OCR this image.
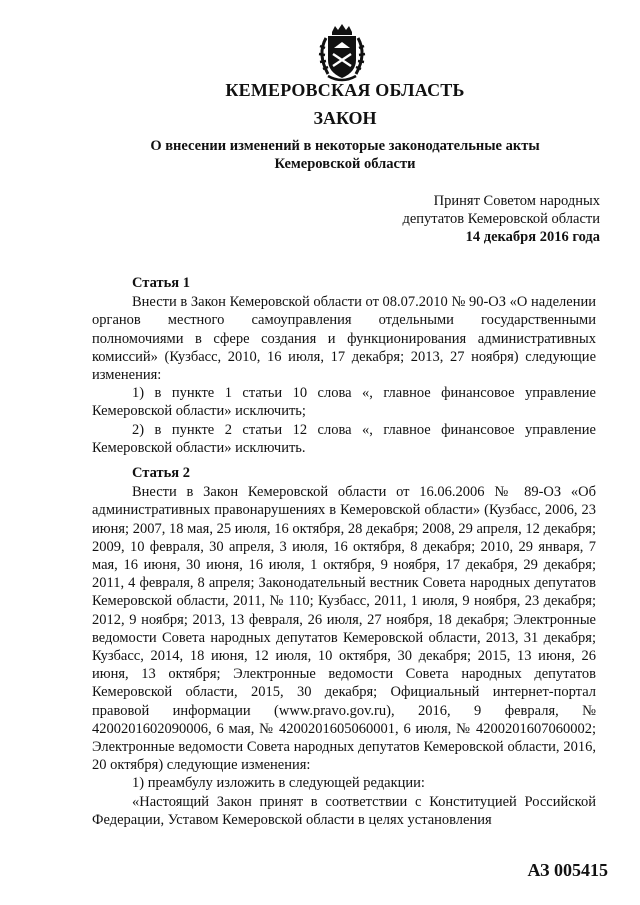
КЕМЕРОВСКАЯ ОБЛАСТЬ
ЗАКОН
О внесении изменений в некоторые законодательные акты
Кемеровской области
Принят Советом народных
депутатов Кемеровской области
14 декабря 2016 года
Статья 1

Внести в Закон Кемеровской области от 08.07.2010 № 90-ОЗ «О наделении органов местного самоуправления отдельными государственными полномочиями в сфере создания и функционирования административных комиссий» (Кузбасс, 2010, 16 июля, 17 декабря; 2013, 27 ноября) следующие изменения:

1) в пункте 1 статьи 10 слова «, главное финансовое управление Кемеровской области» исключить;

2) в пункте 2 статьи 12 слова «, главное финансовое управление Кемеровской области» исключить.

Статья 2

Внести в Закон Кемеровской области от 16.06.2006 № 89-ОЗ «Об административных правонарушениях в Кемеровской области» (Кузбасс, 2006, 23 июня; 2007, 18 мая, 25 июля, 16 октября, 28 декабря; 2008, 29 апреля, 12 декабря; 2009, 10 февраля, 30 апреля, 3 июля, 16 октября, 8 декабря; 2010, 29 января, 7 мая, 16 июня, 30 июня, 16 июля, 1 октября, 9 ноября, 17 декабря, 29 декабря; 2011, 4 февраля, 8 апреля; Законодательный вестник Совета народных депутатов Кемеровской области, 2011, № 110; Кузбасс, 2011, 1 июля, 9 ноября, 23 декабря; 2012, 9 ноября; 2013, 13 февраля, 26 июля, 27 ноября, 18 декабря; Электронные ведомости Совета народных депутатов Кемеровской области, 2013, 31 декабря; Кузбасс, 2014, 18 июня, 12 июля, 10 октября, 30 декабря; 2015, 13 июня, 26 июня, 13 октября; Электронные ведомости Совета народных депутатов Кемеровской области, 2015, 30 декабря; Официальный интернет-портал правовой информации (www.pravo.gov.ru), 2016, 9 февраля, № 4200201602090006, 6 мая, № 4200201605060001, 6 июля, № 4200201607060002; Электронные ведомости Совета народных депутатов Кемеровской области, 2016, 20 октября) следующие изменения:

1) преамбулу изложить в следующей редакции:

«Настоящий Закон принят в соответствии с Конституцией Российской Федерации, Уставом Кемеровской области в целях установления

АЗ 005415
